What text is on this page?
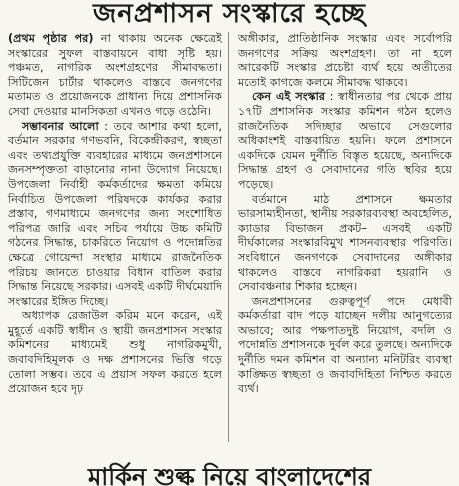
জনপ্রশাসন সংস্কারে হচ্ছে

(প্রথম পৃষ্ঠার পর) না থাকায় অনেক ক্ষেত্রেই সংস্কারের সুফল বাস্তবায়নে বাধা সৃষ্টি হয়। পঞ্চমত, নাগরিক অংশগ্রহণের সীমাবদ্ধতা। সিটিজেন চার্টার থাকলেও বাস্তবে জনগণের মতামত ও প্রয়োজনকে প্রাধান্য দিয়ে প্রশাসনিক সেবা দেওয়ার মানসিকতা এখনও গড়ে ওঠেনি।

সম্ভাবনার আলো : তবে আশার কথা হলো, বর্তমান সরকার গণভবনি, বিকেন্দ্রীকরণ, স্বচ্ছতা এবং তথ্যপ্রযুক্তি ব্যবহারের মাধ্যমে জনপ্রশাসনে জনসম্পৃক্ততা বাড়ানোর নানা উদ্যোগ নিয়েছে। উপজেলা নির্বাহী কর্মকর্তাদের ক্ষমতা কমিয়ে নির্বাচিত উপজেলা পরিষদকে কার্যকর করার প্রস্তাব, গণমাধ্যমে জনগণের জন্য সংশোধিত পরিপত্র জারি এবং সচিব পর্যায়ে উচ্চ কমিটি গঠনের সিদ্ধান্ত, চাকরিতে নিয়োগ ও পদোন্নতির ক্ষেত্রে গোয়েন্দা সংস্থার মাধ্যমে রাজনৈতিক পরিচয় জানতে চাওয়ার বিধান বাতিল করার সিদ্ধান্ত নিয়েছে সরকার। এসবই একটি দীর্ঘমেয়াদি সংস্কারের ইঙ্গিত দিচ্ছে।

অধ্যাপক রেজাউল করিম মনে করেন, এই মুহূর্তে একটি স্বাধীন ও স্থায়ী জনপ্রশাসন সংস্কার কমিশনের মাধ্যমেই শুধু নাগরিকমুখী, জবাবদিহিমূলক ও দক্ষ প্রশাসনের ভিত্তি গড়ে তোলা সম্ভব। তবে এ প্রয়াস সফল করতে হলে প্রয়োজন হবে দৃঢ়

অঙ্গীকার, প্রাতিষ্ঠানিক সংস্কার এবং সর্বোপরি জনগণের সক্রিয় অংশগ্রহণ। তা না হলে আরেকটি সংস্কার প্রচেষ্টা ব্যর্থ হয়ে অতীতের মতোই কাগজে কলমে সীমাবদ্ধ থাকবে।

কেন এই সংস্কার : স্বাধীনতার পর থেকে প্রায় ১৭টি প্রশাসনিক সংস্কার কমিশন গঠন হলেও রাজনৈতিক সদিচ্ছার অভাবে সেগুলোর অধিকাংশই বাস্তবায়িত হয়নি। ফলে প্রশাসনে একদিকে যেমন দুর্নীতি বিস্তৃত হয়েছে, অন্যদিকে সিদ্ধান্ত গ্রহণ ও সেবাদানের গতি স্থবির হয়ে পড়েছে।

বর্তমানে মাঠ প্রশাসনে ক্ষমতার ভারসাম্যহীনতা, স্থানীয় সরকারব্যবস্থা অবহেলিত, ক্যাডার বিভাজন প্রকট– এসবই একটি দীর্ঘকালের সংস্কারবিমুখ শাসনব্যবস্থার পরিণতি। সংবিধানে জনগণকে সেবাদানের অঙ্গীকার থাকলেও বাস্তবে নাগরিকরা হয়রানি ও সেবাবঞ্চনার শিকার হচ্ছেন।

জনপ্রশাসনের গুরুত্বপূর্ণ পদে মেধাবী কর্মকর্তারা বাদ পড়ে যাচ্ছেন দলীয় আনুগত্যের অভাবে; আর পক্ষপাতদুষ্ট নিয়োগ, বদলি ও পদোন্নতি প্রশাসনকে দুর্বল করে তুলছে। অন্যদিকে দুর্নীতি দমন কমিশন বা অন্যান্য মনিটরিং ব্যবস্থা কাঙ্ক্ষিত স্বচ্ছতা ও জবাবদিহিতা নিশ্চিত করতে ব্যর্থ।

মার্কিন শুল্ক নিয়ে বাংলাদেশের
